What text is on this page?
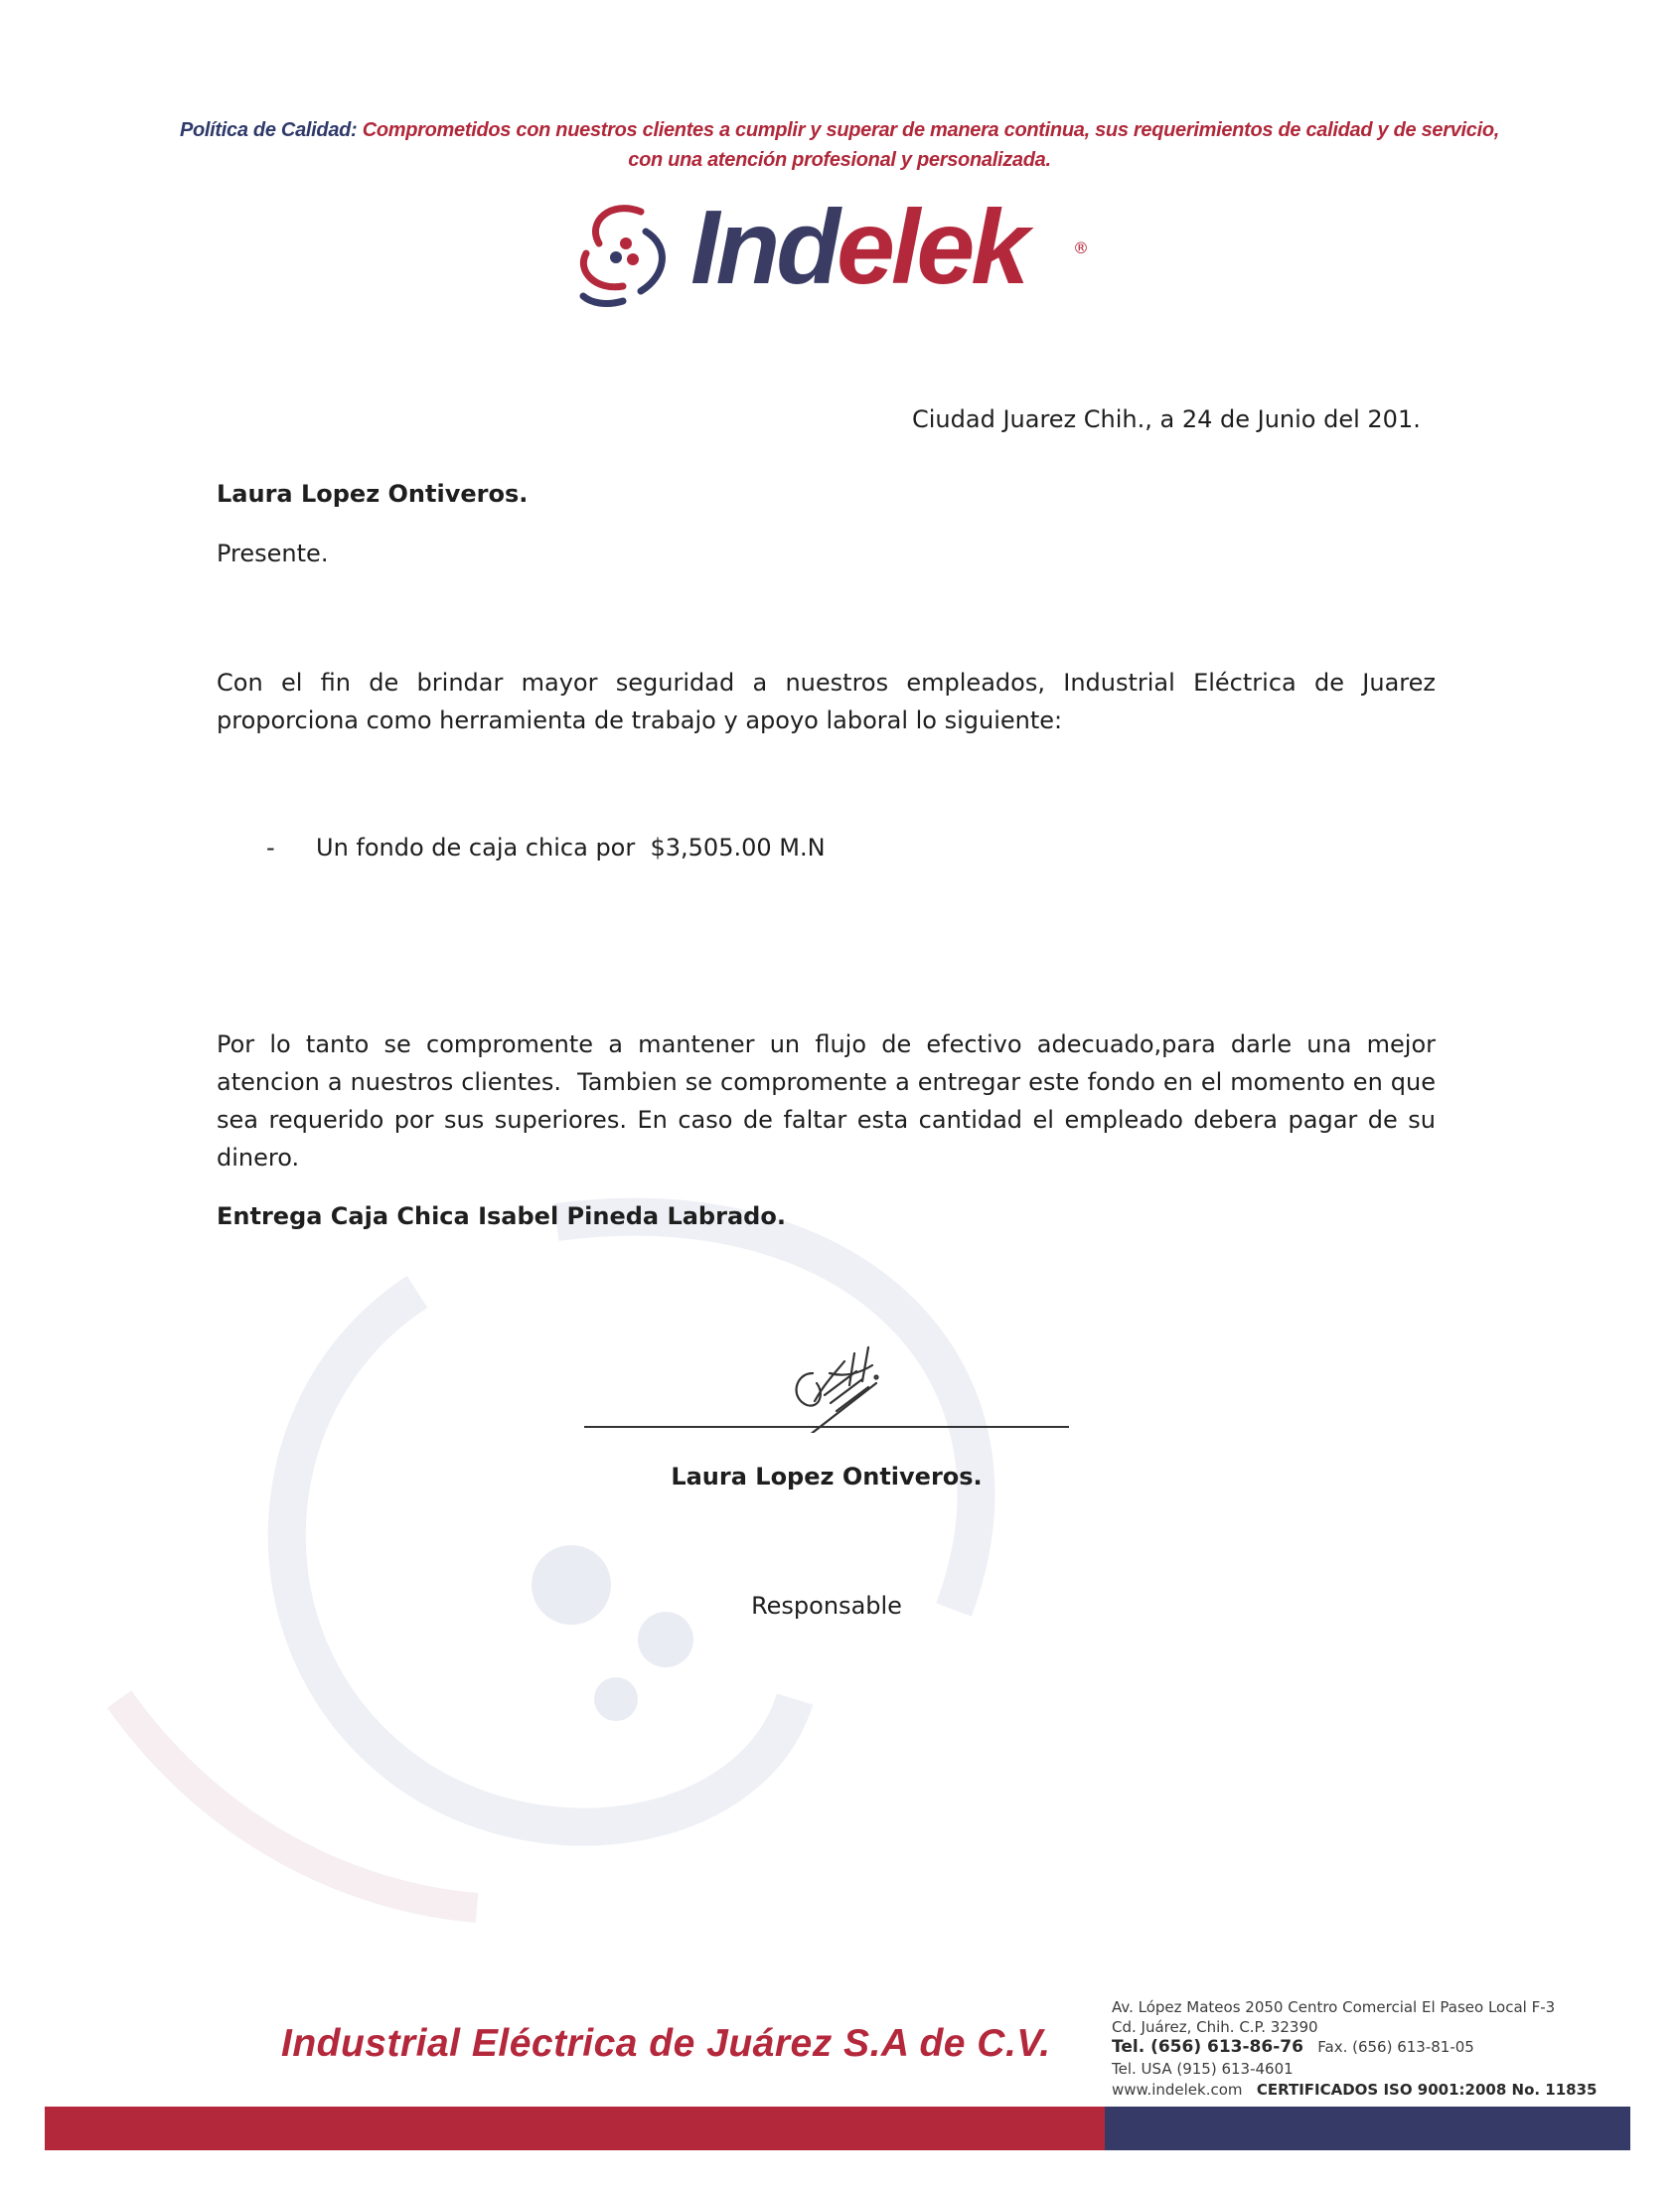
Política de Calidad: Comprometidos con nuestros clientes a cumplir y superar de manera continua, sus requerimientos de calidad y de servicio,
con una atención profesional y personalizada.
Indelek	®
Ciudad Juarez Chih., a 24 de Junio del 201.
Laura Lopez Ontiveros.
Presente.
Con el fin de brindar mayor seguridad a nuestros empleados, Industrial Eléctrica de Juarez proporciona como herramienta de trabajo y apoyo laboral lo siguiente:
- Un fondo de caja chica por  $3,505.00 M.N
Por lo tanto se compromente a mantener un flujo de efectivo adecuado,para darle una mejor atencion a nuestros clientes.  Tambien se compromente a entregar este fondo en el momento en que sea requerido por sus superiores. En caso de faltar esta cantidad el empleado debera pagar de su dinero.
Entrega Caja Chica Isabel Pineda Labrado.
Laura Lopez Ontiveros.
Responsable
Industrial Eléctrica de Juárez S.A de C.V.
Av. López Mateos 2050 Centro Comercial El Paseo Local F-3
Cd. Juárez, Chih. C.P. 32390
Tel. (656) 613-86-76 Fax. (656) 613-81-05
Tel. USA (915) 613-4601
www.indelek.com CERTIFICADOS ISO 9001:2008 No. 11835
